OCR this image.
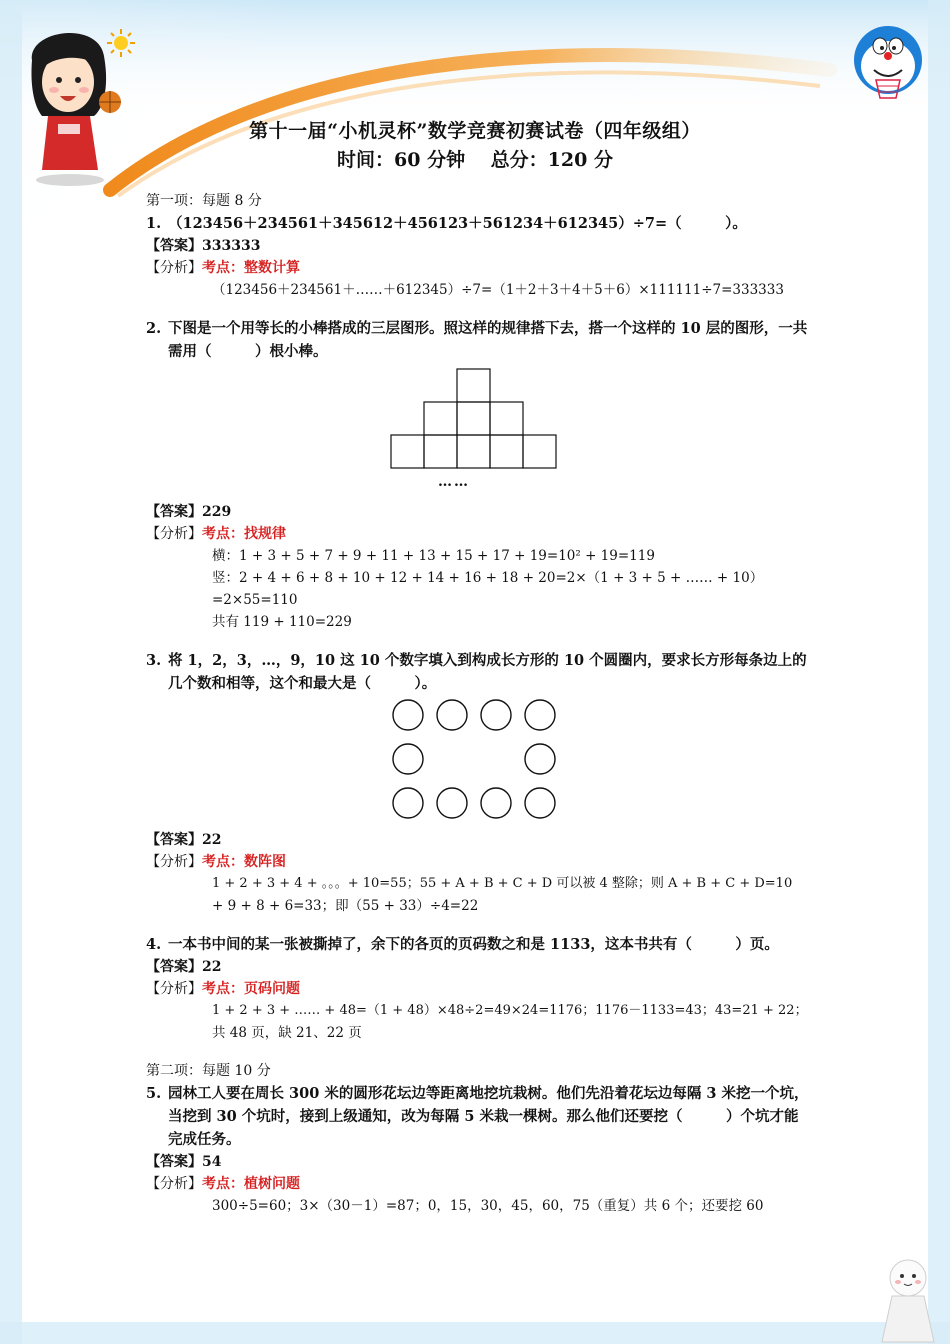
第十一届“小机灵杯”数学竞赛初赛试卷（四年级组）
时间：60 分钟　 总分：120 分
第一项：每题 8 分
1. （123456＋234561＋345612＋456123＋561234＋612345）÷7=（　　　）。
【答案】333333
【分析】考点：整数计算
（123456＋234561＋……＋612345）÷7=（1＋2＋3＋4＋5＋6）×111111÷7=333333
2. 下图是一个用等长的小棒搭成的三层图形。照这样的规律搭下去，搭一个这样的 10 层的图形，一共需用（　　　）根小棒。
……
【答案】229
【分析】考点：找规律
横：1 + 3 + 5 + 7 + 9 + 11 + 13 + 15 + 17 + 19=10² + 19=119
竖：2 + 4 + 6 + 8 + 10 + 12 + 14 + 16 + 18 + 20=2×（1 + 3 + 5 + …… + 10）=2×55=110
共有 119 + 110=229
3. 将 1，2，3，…，9，10 这 10 个数字填入到构成长方形的 10 个圆圈内，要求长方形每条边上的几个数和相等，这个和最大是（　　　）。
【答案】22
【分析】考点：数阵图
1 + 2 + 3 + 4 + 。。。+ 10=55；55 + A + B + C + D 可以被 4 整除；则 A + B + C + D=10
+ 9 + 8 + 6=33；即（55 + 33）÷4=22
4. 一本书中间的某一张被撕掉了，余下的各页的页码数之和是 1133，这本书共有（　　　）页。
【答案】22
【分析】考点：页码问题
1 + 2 + 3 + …… + 48=（1 + 48）×48÷2=49×24=1176；1176－1133=43；43=21 + 22；
共 48 页，缺 21、22 页
第二项：每题 10 分
5. 园林工人要在周长 300 米的圆形花坛边等距离地挖坑栽树。他们先沿着花坛边每隔 3 米挖一个坑，当挖到 30 个坑时，接到上级通知，改为每隔 5 米栽一棵树。那么他们还要挖（　　　）个坑才能完成任务。
【答案】54
【分析】考点：植树问题
300÷5=60；3×（30－1）=87；0，15，30，45，60，75（重复）共 6 个；还要挖 60
